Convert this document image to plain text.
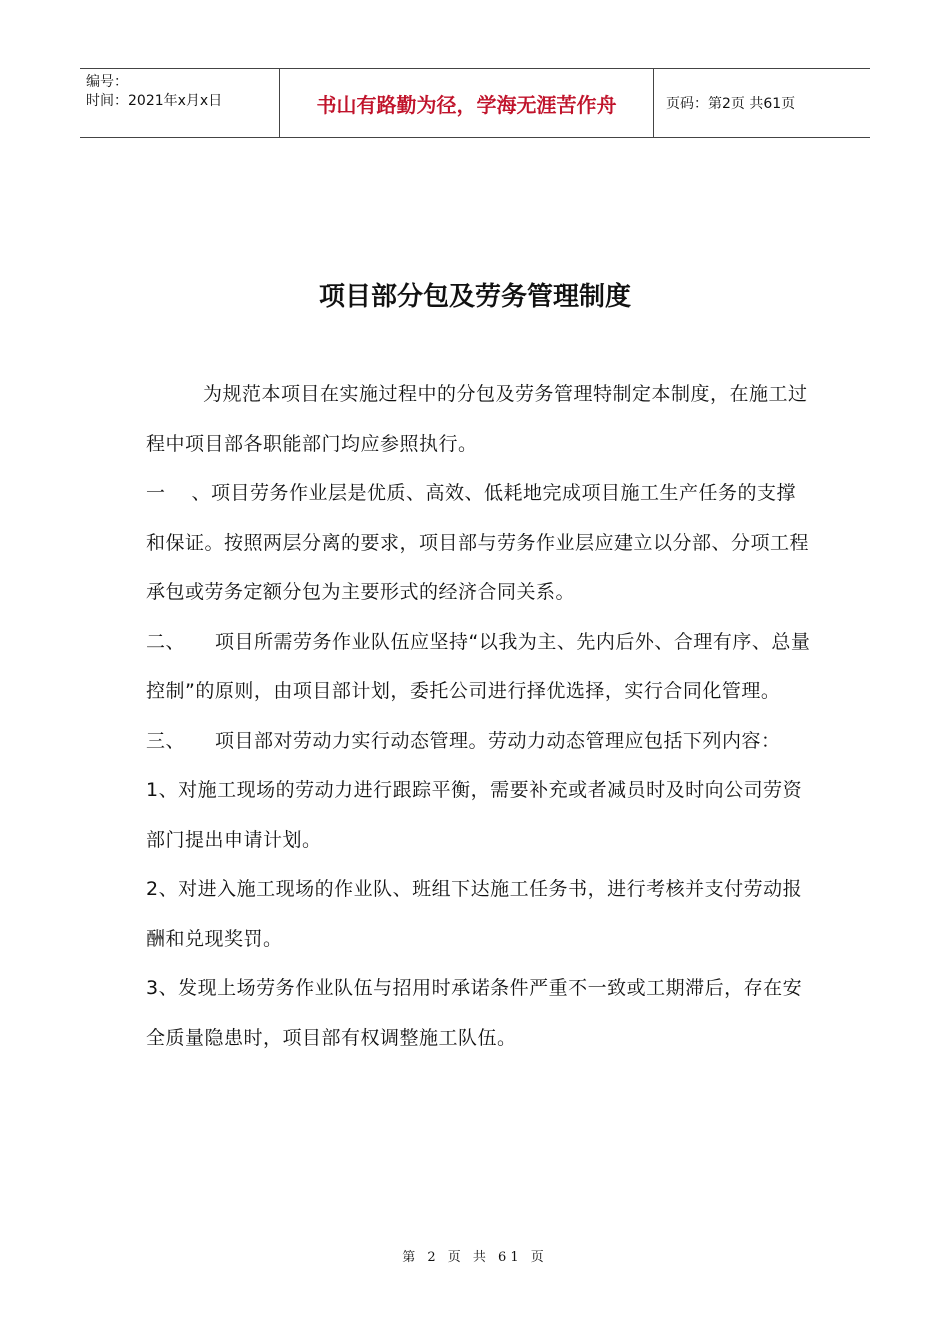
编号：
时间：2021年x月x日	书山有路勤为径，学海无涯苦作舟	页码：第2页 共61页
项目部分包及劳务管理制度

为规范本项目在实施过程中的分包及劳务管理特制定本制度，在施工过程中项目部各职能部门均应参照执行。

一 、项目劳务作业层是优质、高效、低耗地完成项目施工生产任务的支撑和保证。按照两层分离的要求，项目部与劳务作业层应建立以分部、分项工程承包或劳务定额分包为主要形式的经济合同关系。

二、 项目所需劳务作业队伍应坚持“以我为主、先内后外、合理有序、总量控制”的原则，由项目部计划，委托公司进行择优选择，实行合同化管理。

三、 项目部对劳动力实行动态管理。劳动力动态管理应包括下列内容：

1、对施工现场的劳动力进行跟踪平衡，需要补充或者减员时及时向公司劳资部门提出申请计划。

2、对进入施工现场的作业队、班组下达施工任务书，进行考核并支付劳动报酬和兑现奖罚。

3、发现上场劳务作业队伍与招用时承诺条件严重不一致或工期滞后，存在安全质量隐患时，项目部有权调整施工队伍。

第 2 页 共 61 页
